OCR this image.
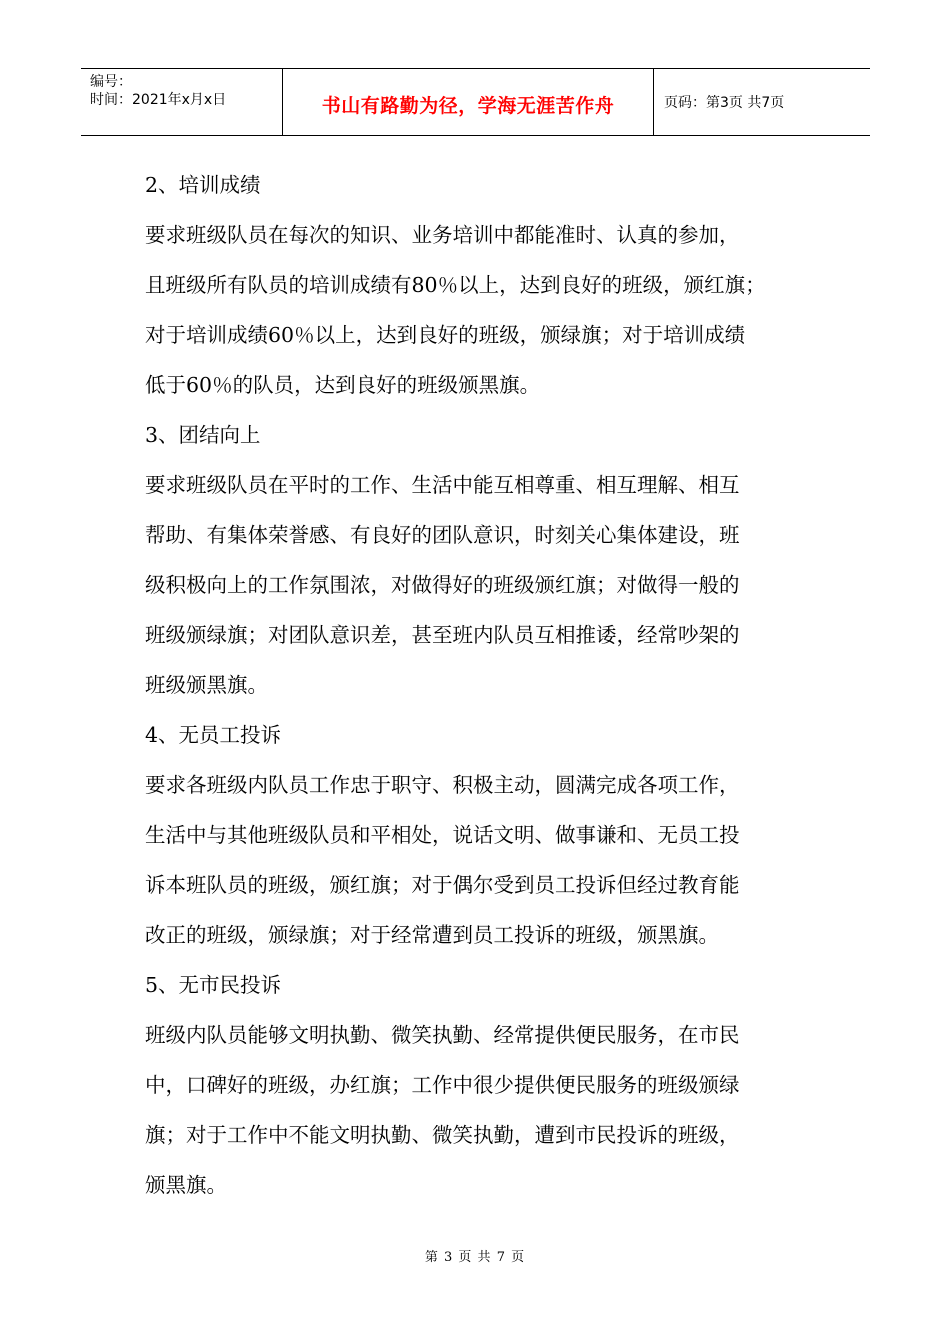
编号：
时间：2021年x月x日	书山有路勤为径，学海无涯苦作舟	页码：第3页 共7页
2、培训成绩
要求班级队员在每次的知识、业务培训中都能准时、认真的参加，
且班级所有队员的培训成绩有80％以上，达到良好的班级，颁红旗；
对于培训成绩60％以上，达到良好的班级，颁绿旗；对于培训成绩
低于60％的队员，达到良好的班级颁黑旗。
3、团结向上
要求班级队员在平时的工作、生活中能互相尊重、相互理解、相互
帮助、有集体荣誉感、有良好的团队意识，时刻关心集体建设，班
级积极向上的工作氛围浓，对做得好的班级颁红旗；对做得一般的
班级颁绿旗；对团队意识差，甚至班内队员互相推诿，经常吵架的
班级颁黑旗。
4、无员工投诉
要求各班级内队员工作忠于职守、积极主动，圆满完成各项工作，
生活中与其他班级队员和平相处，说话文明、做事谦和、无员工投
诉本班队员的班级，颁红旗；对于偶尔受到员工投诉但经过教育能
改正的班级，颁绿旗；对于经常遭到员工投诉的班级，颁黑旗。
5、无市民投诉
班级内队员能够文明执勤、微笑执勤、经常提供便民服务，在市民
中，口碑好的班级，办红旗；工作中很少提供便民服务的班级颁绿
旗；对于工作中不能文明执勤、微笑执勤，遭到市民投诉的班级，
颁黑旗。
第 3 页 共 7 页
